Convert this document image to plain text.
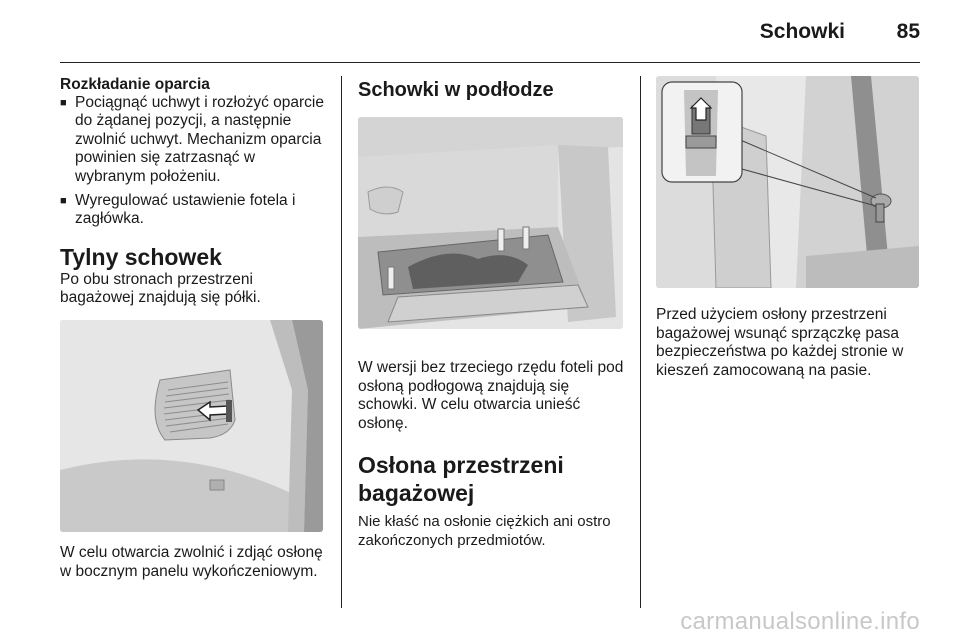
Schowki 85
Rozkładanie oparcia
■ Pociągnąć uchwyt i rozłożyć oparcie do żądanej pozycji, a następnie zwolnić uchwyt. Mechanizm oparcia powinien się zatrzasnąć w wybranym położeniu.
■ Wyregulować ustawienie fotela i zagłówka.
Tylny schowek
Po obu stronach przestrzeni bagażowej znajdują się półki.
W celu otwarcia zwolnić i zdjąć osłonę w bocznym panelu wykończeniowym.
Schowki w podłodze
W wersji bez trzeciego rzędu foteli pod osłoną podłogową znajdują się schowki. W celu otwarcia unieść osłonę.
Osłona przestrzeni bagażowej
Nie kłaść na osłonie ciężkich ani ostro zakończonych przedmiotów.
Przed użyciem osłony przestrzeni bagażowej wsunąć sprzączkę pasa bezpieczeństwa po każdej stronie w kieszeń zamocowaną na pasie.
carmanualsonline.info
